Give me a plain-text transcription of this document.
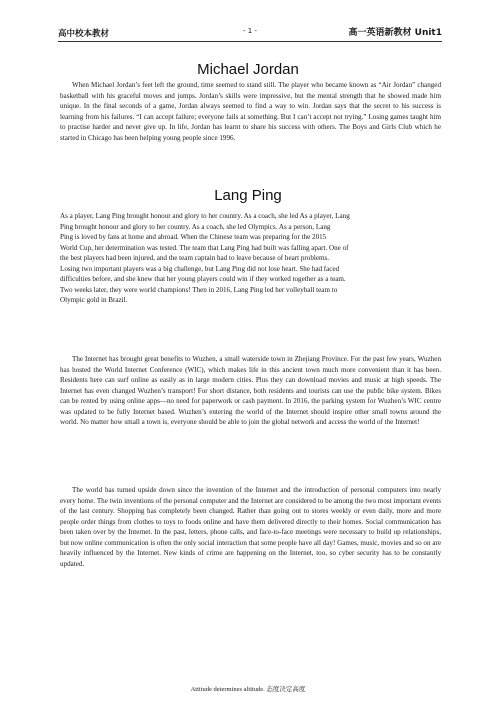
高中校本教材	- 1 -	高一英语新教材 Unit1
Michael Jordan

When Michael Jordan’s feet left the ground, time seemed to stand still. The player who became known as “Air Jordan” changed basketball with his graceful moves and jumps. Jordan’s skills were impressive, but the mental strength that he showed made him unique. In the final seconds of a game, Jordan always seemed to find a way to win. Jordan says that the secret to his success is learning from his failures. “I can accept failure; everyone fails at something. But I can’t accept not trying.” Losing games taught him to practise harder and never give up. In life, Jordan has learnt to share his success with others. The Boys and Girls Club which he started in Chicago has been helping young people since 1996.

Lang Ping
As a player, Lang Ping brought honour and glory to her country. As a coach, she led As a player, Lang
Ping brought honour and glory to her country. As a coach, she led Olympics. As a person, Lang
Ping is loved by fans at home and abroad. When the Chinese team was preparing for the 2015
World Cup, her determination was tested. The team that Lang Ping had built was falling apart. One of
the best players had been injured, and the team captain had to leave because of heart problems.
Losing two important players was a big challenge, but Lang Ping did not lose heart. She had faced
difficulties before, and she knew that her young players could win if they worked together as a team.
Two weeks later, they were world champions! Then in 2016, Lang Ping led her volleyball team to
Olympic gold in Brazil.

The Internet has brought great benefits to Wuzhen, a small waterside town in Zhejiang Province. For the past few years, Wuzhen has hosted the World Internet Conference (WIC), which makes life in this ancient town much more convenient than it has been. Residents here can surf online as easily as in large modern cities. Plus they can download movies and music at high speeds. The Internet has even changed Wuzhen’s transport! For short distance, both residents and tourists can use the public bike system. Bikes can be rented by using online apps—no need for paperwork or cash payment. In 2016, the parking system for Wuzhen’s WIC centre was updated to be fully Internet based. Wuzhen’s entering the world of the Internet should inspire other small towns around the world. No matter how small a town is, everyone should be able to join the global network and access the world of the Internet!

The world has turned upside down since the invention of the Internet and the introduction of personal computers into nearly every home. The twin inventions of the personal computer and the Internet are considered to be among the two most important events of the last century. Shopping has completely been changed. Rather than going out to stores weekly or even daily, more and more people order things from clothes to toys to foods online and have them delivered directly to their homes. Social communication has been taken over by the Internet. In the past, letters, phone calls, and face-to-face meetings were necessary to build up relationships, but now online communication is often the only social interaction that some people have all day! Games, music, movies and so on are heavily influenced by the Internet. New kinds of crime are happening on the Internet, too, so cyber security has to be constantly updated.

Attitude determines altitude. 态度决定高度
